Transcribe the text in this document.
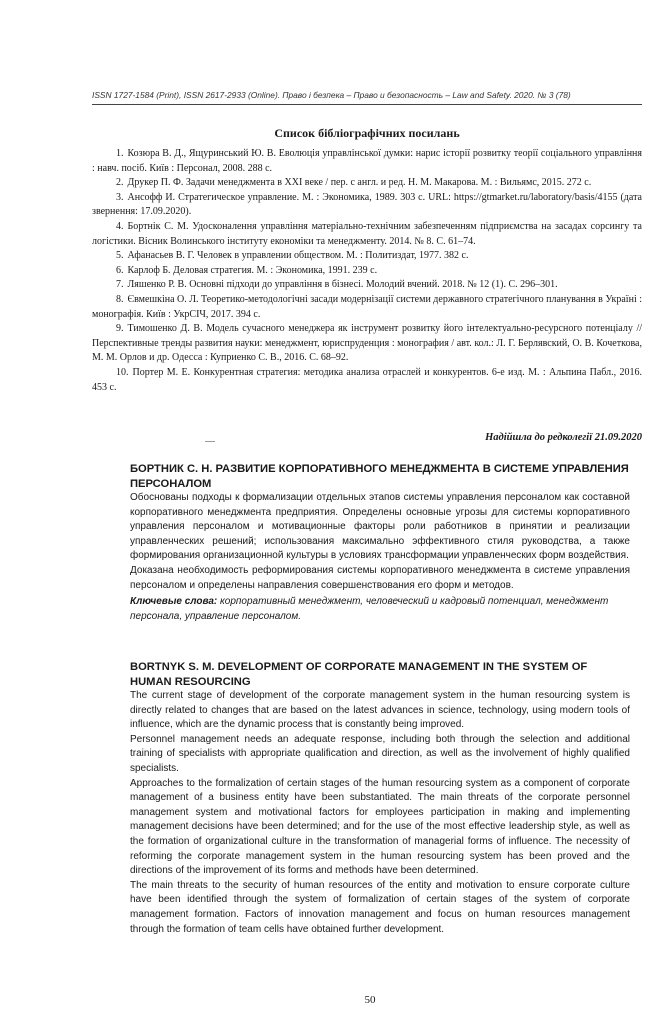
ISSN 1727-1584 (Print), ISSN 2617-2933 (Online). Право і безпека – Право и безопасность – Law and Safety. 2020. № 3 (78)
Список бібліографічних посилань

1. Козюра В. Д., Ящуринський Ю. В. Еволюція управлінської думки: нарис історії розвитку теорії соціального управління : навч. посіб. Київ : Персонал, 2008. 288 с.

2. Друкер П. Ф. Задачи менеджмента в XXI веке / пер. с англ. и ред. Н. М. Макарова. М. : Вильямс, 2015. 272 с.

3. Ансофф И. Стратегическое управление. М. : Экономика, 1989. 303 с. URL: https://gtmarket.ru/laboratory/basis/4155 (дата звернення: 17.09.2020).

4. Бортнік С. М. Удосконалення управління матеріально-технічним забезпеченням підприємства на засадах сорсингу та логістики. Вісник Волинського інституту економіки та менеджменту. 2014. № 8. С. 61–74.

5. Афанасьев В. Г. Человек в управлении обществом. М. : Политиздат, 1977. 382 с.

6. Карлоф Б. Деловая стратегия. М. : Экономика, 1991. 239 с.

7. Ляшенко Р. В. Основні підходи до управління в бізнесі. Молодий вчений. 2018. № 12 (1). С. 296–301.

8. Євмешкіна О. Л. Теоретико-методологічні засади модернізації системи державного стратегічного планування в Україні : монографія. Київ : УкрСІЧ, 2017. 394 с.

9. Тимошенко Д. В. Модель сучасного менеджера як інструмент розвитку його інтелектуально-ресурсного потенціалу // Перспективные тренды развития науки: менеджмент, юриспруденция : монография / авт. кол.: Л. Г. Берлявский, О. В. Кочеткова, М. М. Орлов и др. Одесса : Куприенко С. В., 2016. С. 68–92.

10. Портер М. Е. Конкурентная стратегия: методика анализа отраслей и конкурентов. 6-е изд. М. : Альпина Пабл., 2016. 453 с.

Надійшла до редколегії 21.09.2020
БОРТНИК С. Н. РАЗВИТИЕ КОРПОРАТИВНОГО МЕНЕДЖМЕНТА В СИСТЕМЕ УПРАВЛЕНИЯ ПЕРСОНАЛОМ

Обоснованы подходы к формализации отдельных этапов системы управления персоналом как составной корпоративного менеджмента предприятия. Определены основные угрозы для системы корпоративного управления персоналом и мотивационные факторы роли работников в принятии и реализации управленческих решений; использования максимально эффективного стиля руководства, а также формирования организационной культуры в условиях трансформации управленческих форм воздействия.

Доказана необходимость реформирования системы корпоративного менеджмента в системе управления персоналом и определены направления совершенствования его форм и методов.

Ключевые слова: корпоративный менеджмент, человеческий и кадровый потенциал, менеджмент персонала, управление персоналом.
BORTNYK S. M. DEVELOPMENT OF CORPORATE MANAGEMENT IN THE SYSTEM OF HUMAN RESOURCING

The current stage of development of the corporate management system in the human resourcing system is directly related to changes that are based on the latest advances in science, technology, using modern tools of influence, which are the dynamic process that is constantly being improved.

Personnel management needs an adequate response, including both through the selection and additional training of specialists with appropriate qualification and direction, as well as the involvement of highly qualified specialists.

Approaches to the formalization of certain stages of the human resourcing system as a component of corporate management of a business entity have been substantiated. The main threats of the corporate personnel management system and motivational factors for employees participation in making and implementing management decisions have been determined; and for the use of the most effective leadership style, as well as the formation of organizational culture in the transformation of managerial forms of influence. The necessity of reforming the corporate management system in the human resourcing system has been proved and the directions of the improvement of its forms and methods have been determined.

The main threats to the security of human resources of the entity and motivation to ensure corporate culture have been identified through the system of formalization of certain stages of the system of corporate management formation. Factors of innovation management and focus on human resources management through the formation of team cells have obtained further development.

50
